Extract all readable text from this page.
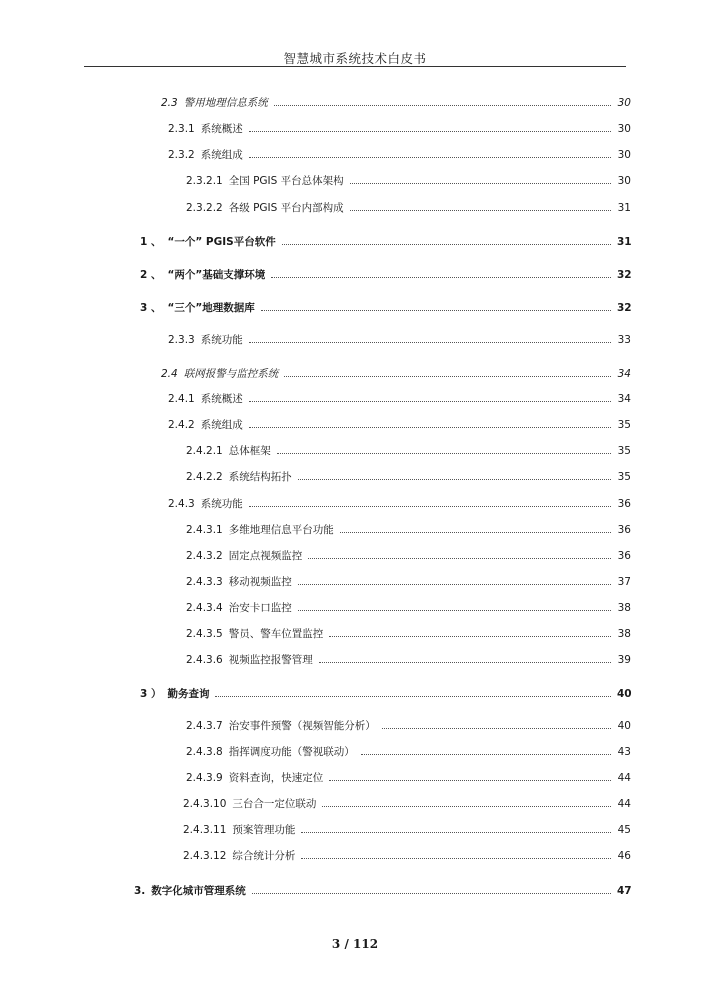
智慧城市系统技术白皮书
2.3 警用地理信息系统	30
2.3.1 系统概述	30
2.3.2 系统组成	30
2.3.2.1 全国 PGIS 平台总体架构	30
2.3.2.2 各级 PGIS 平台内部构成	31
1 、 “一个” PGIS平台软件	31
2 、 “两个”基础支撑环境	32
3 、 “三个”地理数据库	32
2.3.3 系统功能	33
2.4 联网报警与监控系统	34
2.4.1 系统概述	34
2.4.2 系统组成	35
2.4.2.1 总体框架	35
2.4.2.2 系统结构拓扑	35
2.4.3 系统功能	36
2.4.3.1 多维地理信息平台功能	36
2.4.3.2 固定点视频监控	36
2.4.3.3 移动视频监控	37
2.4.3.4 治安卡口监控	38
2.4.3.5 警员、警车位置监控	38
2.4.3.6 视频监控报警管理	39
3 ） 勤务查询	40
2.4.3.7 治安事件预警（视频智能分析）	40
2.4.3.8 指挥调度功能（警视联动）	43
2.4.3.9 资料查询，快速定位	44
2.4.3.10 三台合一定位联动	44
2.4.3.11 预案管理功能	45
2.4.3.12 综合统计分析	46
3. 数字化城市管理系统	47
3 / 112
